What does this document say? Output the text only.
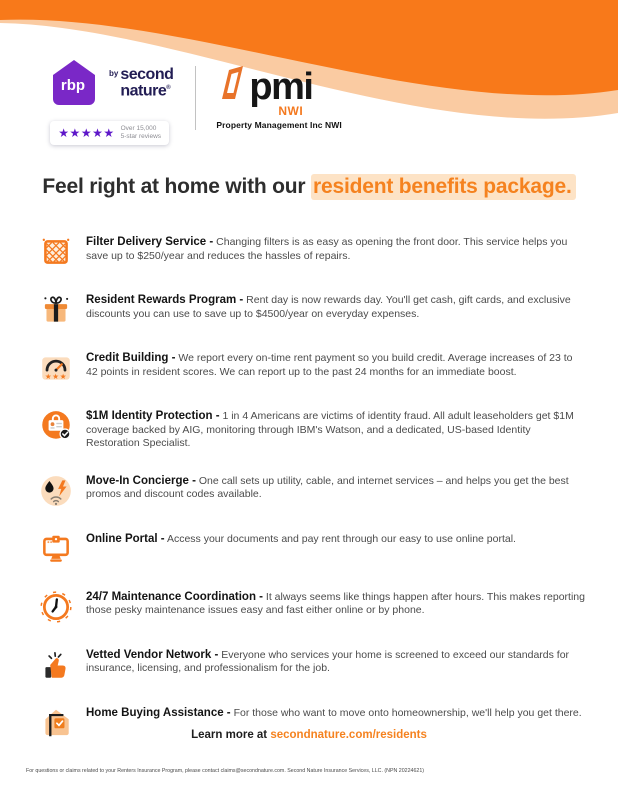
rbp
by second
nature®
★★★★★ Over 15,000
5-star reviews
pmi
NWI
Property Management Inc NWI
Feel right at home with our resident benefits package.

Filter Delivery Service - Changing filters is as easy as opening the front door. This service helps you save up to $250/year and reduces the hassles of repairs.

Resident Rewards Program - Rent day is now rewards day. You'll get cash, gift cards, and exclusive discounts you can use to save up to $4500/year on everyday expenses.

★ ★ ★

Credit Building - We report every on-time rent payment so you build credit. Average increases of 23 to 42 points in resident scores. We can report up to the past 24 months for an immediate boost.

$1M Identity Protection - 1 in 4 Americans are victims of identity fraud. All adult leaseholders get $1M coverage backed by AIG, monitoring through IBM's Watson, and a dedicated, US-based Identity Restoration Specialist.

Move-In Concierge - One call sets up utility, cable, and internet services – and helps you get the best promos and discount codes available.

Online Portal - Access your documents and pay rent through our easy to use online portal.

24/7 Maintenance Coordination - It always seems like things happen after hours. This makes reporting those pesky maintenance issues easy and fast either online or by phone.

Vetted Vendor Network - Everyone who services your home is screened to exceed our standards for insurance, licensing, and professionalism for the job.

Home Buying Assistance - For those who want to move onto homeownership, we'll help you get there.

Learn more at secondnature.com/residents
For questions or claims related to your Renters Insurance Program, please contact claims@secondnature.com. Second Nature Insurance Services, LLC. (NPN 20224621)
